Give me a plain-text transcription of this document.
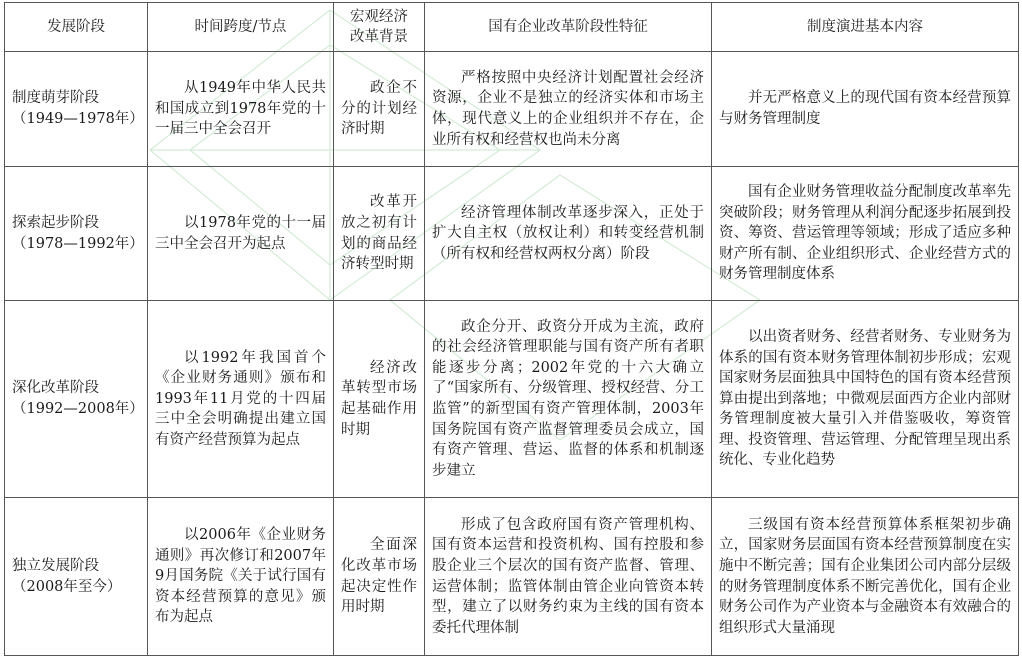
发展阶段	时间跨度/节点	宏观经济改革背景	国有企业改革阶段性特征	制度演进基本内容

制度萌芽阶段
（1949—1978年）	从1949年中华人民共和国成立到1978年党的十一届三中全会召开	政企不分的计划经济时期	严格按照中央经济计划配置社会经济资源，企业不是独立的经济实体和市场主体，现代意义上的企业组织并不存在，企业所有权和经营权也尚未分离	并无严格意义上的现代国有资本经营预算与财务管理制度

探索起步阶段
（1978—1992年）	以1978年党的十一届三中全会召开为起点	改革开放之初有计划的商品经济转型时期	经济管理体制改革逐步深入，正处于扩大自主权（放权让利）和转变经营机制（所有权和经营权两权分离）阶段	国有企业财务管理收益分配制度改革率先突破阶段；财务管理从利润分配逐步拓展到投资、筹资、营运管理等领域；形成了适应多种财产所有制、企业组织形式、企业经营方式的财务管理制度体系

深化改革阶段
（1992—2008年）	以1992年我国首个《企业财务通则》颁布和1993年11月党的十四届三中全会明确提出建立国有资产经营预算为起点	经济改革转型市场起基础作用时期	政企分开、政资分开成为主流，政府的社会经济管理职能与国有资产所有者职能逐步分离；2002年党的十六大确立了“国家所有、分级管理、授权经营、分工监管”的新型国有资产管理体制，2003年国务院国有资产监督管理委员会成立，国有资产管理、营运、监督的体系和机制逐步建立	以出资者财务、经营者财务、专业财务为体系的国有资本财务管理体制初步形成；宏观国家财务层面独具中国特色的国有资本经营预算由提出到落地；中微观层面西方企业内部财务管理制度被大量引入并借鉴吸收，筹资管理、投资管理、营运管理、分配管理呈现出系统化、专业化趋势

独立发展阶段
（2008年至今）	以2006年《企业财务通则》再次修订和2007年9月国务院《关于试行国有资本经营预算的意见》颁布为起点	全面深化改革市场起决定性作用时期	形成了包含政府国有资产管理机构、国有资本运营和投资机构、国有控股和参股企业三个层次的国有资产监督、管理、运营体制；监管体制由管企业向管资本转型，建立了以财务约束为主线的国有资本委托代理体制	三级国有资本经营预算体系框架初步确立，国家财务层面国有资本经营预算制度在实施中不断完善；国有企业集团公司内部分层级的财务管理制度体系不断完善优化，国有企业财务公司作为产业资本与金融资本有效融合的组织形式大量涌现
